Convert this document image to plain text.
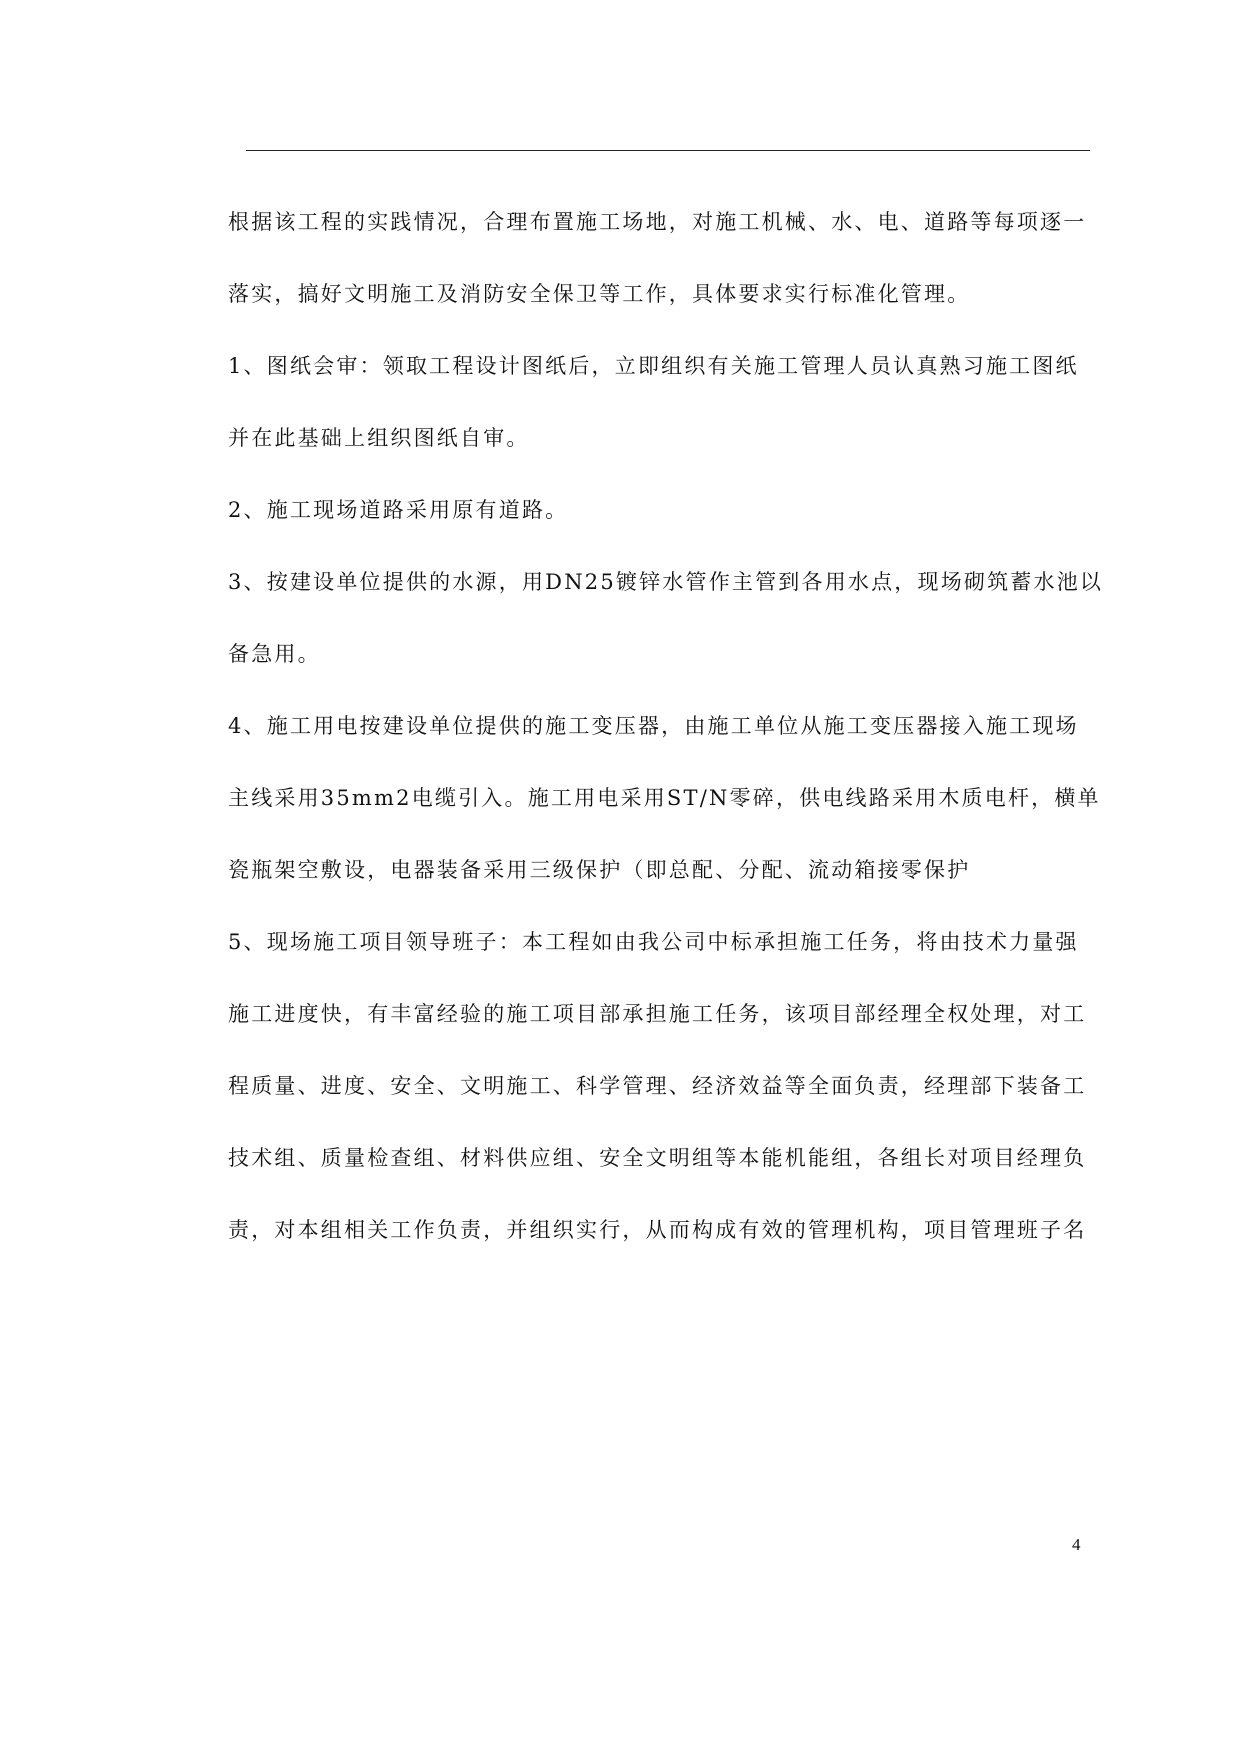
根据该工程的实践情况，合理布置施工场地，对施工机械、水、电、道路等每项逐一
落实，搞好文明施工及消防安全保卫等工作，具体要求实行标准化管理。
1、图纸会审：领取工程设计图纸后，立即组织有关施工管理人员认真熟习施工图纸
并在此基础上组织图纸自审。
2、施工现场道路采用原有道路。
3、按建设单位提供的水源，用DN25镀锌水管作主管到各用水点，现场砌筑蓄水池以
备急用。
4、施工用电按建设单位提供的施工变压器，由施工单位从施工变压器接入施工现场
主线采用35mm2电缆引入。施工用电采用ST/N零碎，供电线路采用木质电杆，横单
瓷瓶架空敷设，电器装备采用三级保护（即总配、分配、流动箱接零保护
5、现场施工项目领导班子：本工程如由我公司中标承担施工任务，将由技术力量强
施工进度快，有丰富经验的施工项目部承担施工任务，该项目部经理全权处理，对工
程质量、进度、安全、文明施工、科学管理、经济效益等全面负责，经理部下装备工
技术组、质量检查组、材料供应组、安全文明组等本能机能组，各组长对项目经理负
责，对本组相关工作负责，并组织实行，从而构成有效的管理机构，项目管理班子名
4
